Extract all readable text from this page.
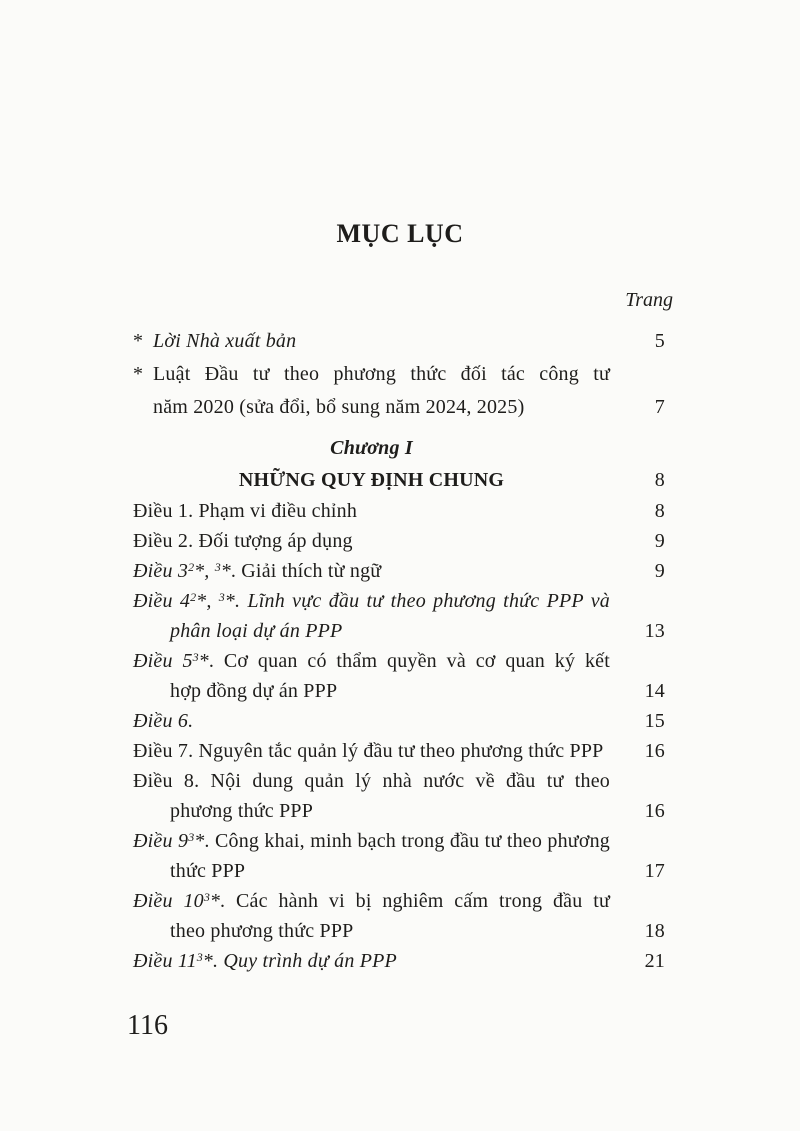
MỤC LỤC
Trang
* Lời Nhà xuất bản	5
* Luật Đầu tư theo phương thức đối tác công tư
năm 2020 (sửa đổi, bổ sung năm 2024, 2025)	7
Chương I
NHỮNG QUY ĐỊNH CHUNG	8
Điều 1. Phạm vi điều chỉnh	8
Điều 2. Đối tượng áp dụng	9
Điều $3^2*$, $^3$*. Giải thích từ ngữ	9
Điều $4^2*$, $^3$*. Lĩnh vực đầu tư theo phương thức PPP và
phân loại dự án PPP	13
Điều $5^3*$. Cơ quan có thẩm quyền và cơ quan ký kết
hợp đồng dự án PPP	14
Điều 6.	15
Điều 7. Nguyên tắc quản lý đầu tư theo phương thức PPP	16
Điều 8. Nội dung quản lý nhà nước về đầu tư theo
phương thức PPP	16
Điều $9^3*$. Công khai, minh bạch trong đầu tư theo phương
thức PPP	17
Điều $10^3*$. Các hành vi bị nghiêm cấm trong đầu tư
theo phương thức PPP	18
Điều $11^3*$. Quy trình dự án PPP	21
116
